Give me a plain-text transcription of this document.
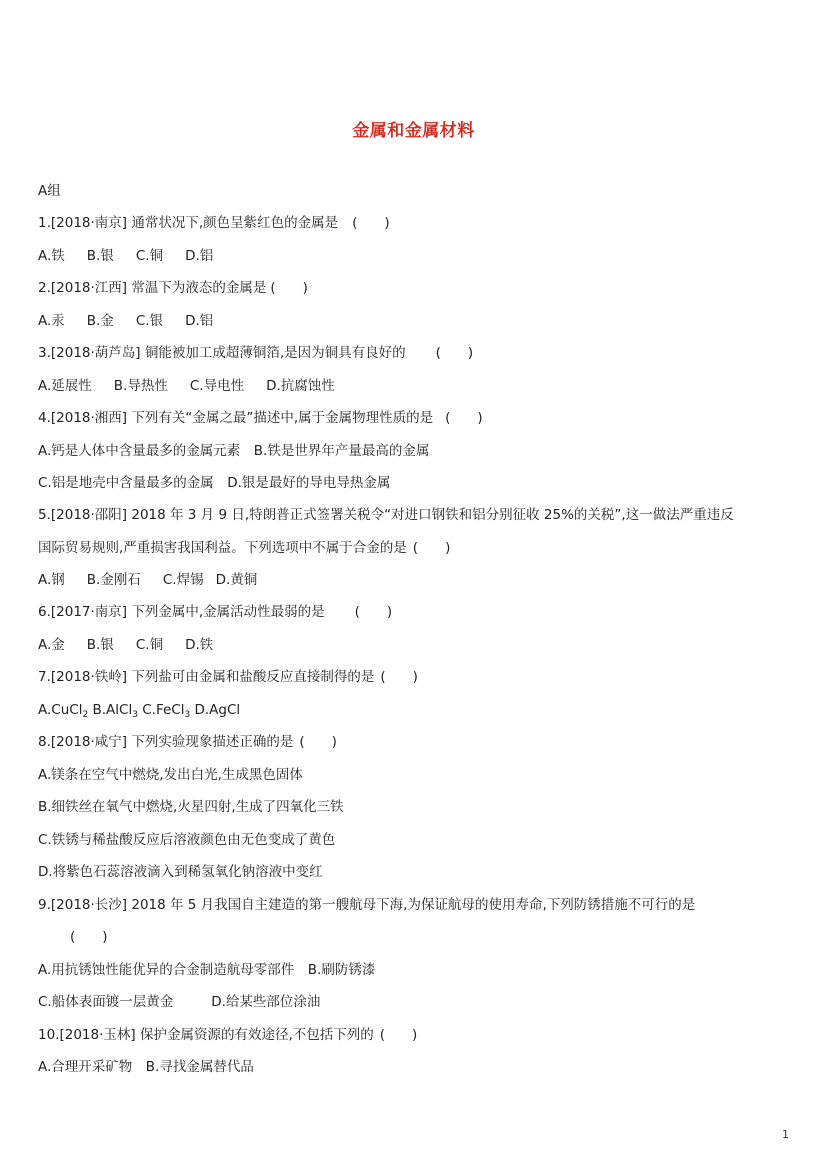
金属和金属材料
A组
1.[2018·南京] 通常状况下,颜色呈紫红色的金属是 (　　)
A.铁 B.银 C.铜 D.铝
2.[2018·江西] 常温下为液态的金属是 (　　)
A.汞 B.金 C.银 D.铝
3.[2018·葫芦岛] 铜能被加工成超薄铜箔,是因为铜具有良好的 (　　)
A.延展性 B.导热性 C.导电性 D.抗腐蚀性
4.[2018·湘西] 下列有关“金属之最”描述中,属于金属物理性质的是 (　　)
A.钙是人体中含量最多的金属元素　B.铁是世界年产量最高的金属
C.铝是地壳中含量最多的金属　D.银是最好的导电导热金属
5.[2018·邵阳] 2018 年 3 月 9 日,特朗普正式签署关税令“对进口钢铁和铝分别征收 25%的关税”,这一做法严重违反
国际贸易规则,严重损害我国利益。下列选项中不属于合金的是 (　　)
A.钢 B.金刚石 C.焊锡 D.黄铜
6.[2017·南京] 下列金属中,金属活动性最弱的是 (　　)
A.金 B.银 C.铜 D.铁
7.[2018·铁岭] 下列盐可由金属和盐酸反应直接制得的是 (　　)
A.CuCl$_2$ B.AlCl$_3$ C.FeCl$_3$ D.AgCl
8.[2018·咸宁] 下列实验现象描述正确的是 (　　)
A.镁条在空气中燃烧,发出白光,生成黑色固体
B.细铁丝在氧气中燃烧,火星四射,生成了四氧化三铁
C.铁锈与稀盐酸反应后溶液颜色由无色变成了黄色
D.将紫色石蕊溶液滴入到稀氢氧化钠溶液中变红
9.[2018·长沙] 2018 年 5 月我国自主建造的第一艘航母下海,为保证航母的使用寿命,下列防锈措施不可行的是
(　　)
A.用抗锈蚀性能优异的合金制造航母零部件　B.刷防锈漆
C.船体表面镀一层黄金	D.给某些部位涂油
10.[2018·玉林] 保护金属资源的有效途径,不包括下列的 (　　)
A.合理开采矿物　B.寻找金属替代品
1
